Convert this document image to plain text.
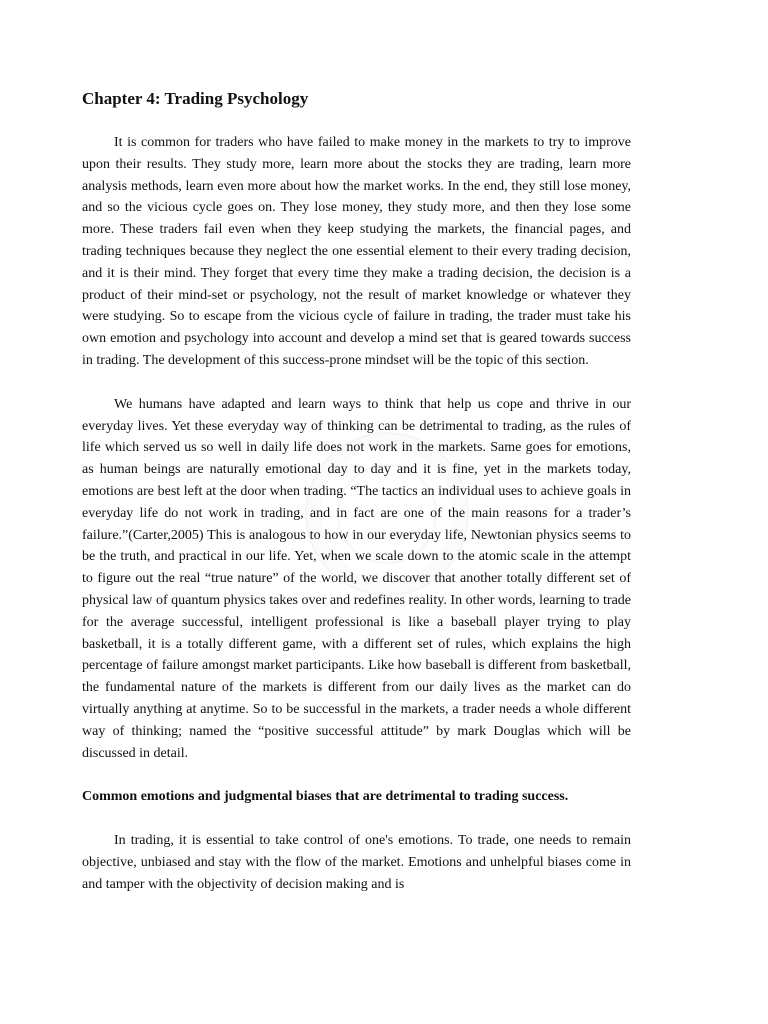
Chapter 4: Trading Psychology

It is common for traders who have failed to make money in the markets to try to improve upon their results. They study more, learn more about the stocks they are trading, learn more analysis methods, learn even more about how the market works. In the end, they still lose money, and so the vicious cycle goes on. They lose money, they study more, and then they lose some more. These traders fail even when they keep studying the markets, the financial pages, and trading techniques because they neglect the one essential element to their every trading decision, and it is their mind. They forget that every time they make a trading decision, the decision is a product of their mind-set or psychology, not the result of market knowledge or whatever they were studying. So to escape from the vicious cycle of failure in trading, the trader must take his own emotion and psychology into account and develop a mind set that is geared towards success in trading. The development of this success-prone mindset will be the topic of this section.

We humans have adapted and learn ways to think that help us cope and thrive in our everyday lives. Yet these everyday way of thinking can be detrimental to trading, as the rules of life which served us so well in daily life does not work in the markets. Same goes for emotions, as human beings are naturally emotional day to day and it is fine, yet in the markets today, emotions are best left at the door when trading. “The tactics an individual uses to achieve goals in everyday life do not work in trading, and in fact are one of the main reasons for a trader’s failure.”(Carter,2005) This is analogous to how in our everyday life, Newtonian physics seems to be the truth, and practical in our life. Yet, when we scale down to the atomic scale in the attempt to figure out the real “true nature” of the world, we discover that another totally different set of physical law of quantum physics takes over and redefines reality. In other words, learning to trade for the average successful, intelligent professional is like a baseball player trying to play basketball, it is a totally different game, with a different set of rules, which explains the high percentage of failure amongst market participants. Like how baseball is different from basketball, the fundamental nature of the markets is different from our daily lives as the market can do virtually anything at anytime. So to be successful in the markets, a trader needs a whole different way of thinking; named the “positive successful attitude” by mark Douglas which will be discussed in detail.

Common emotions and judgmental biases that are detrimental to trading success.

In trading, it is essential to take control of one's emotions. To trade, one needs to remain objective, unbiased and stay with the flow of the market. Emotions and unhelpful biases come in and tamper with the objectivity of decision making and is
